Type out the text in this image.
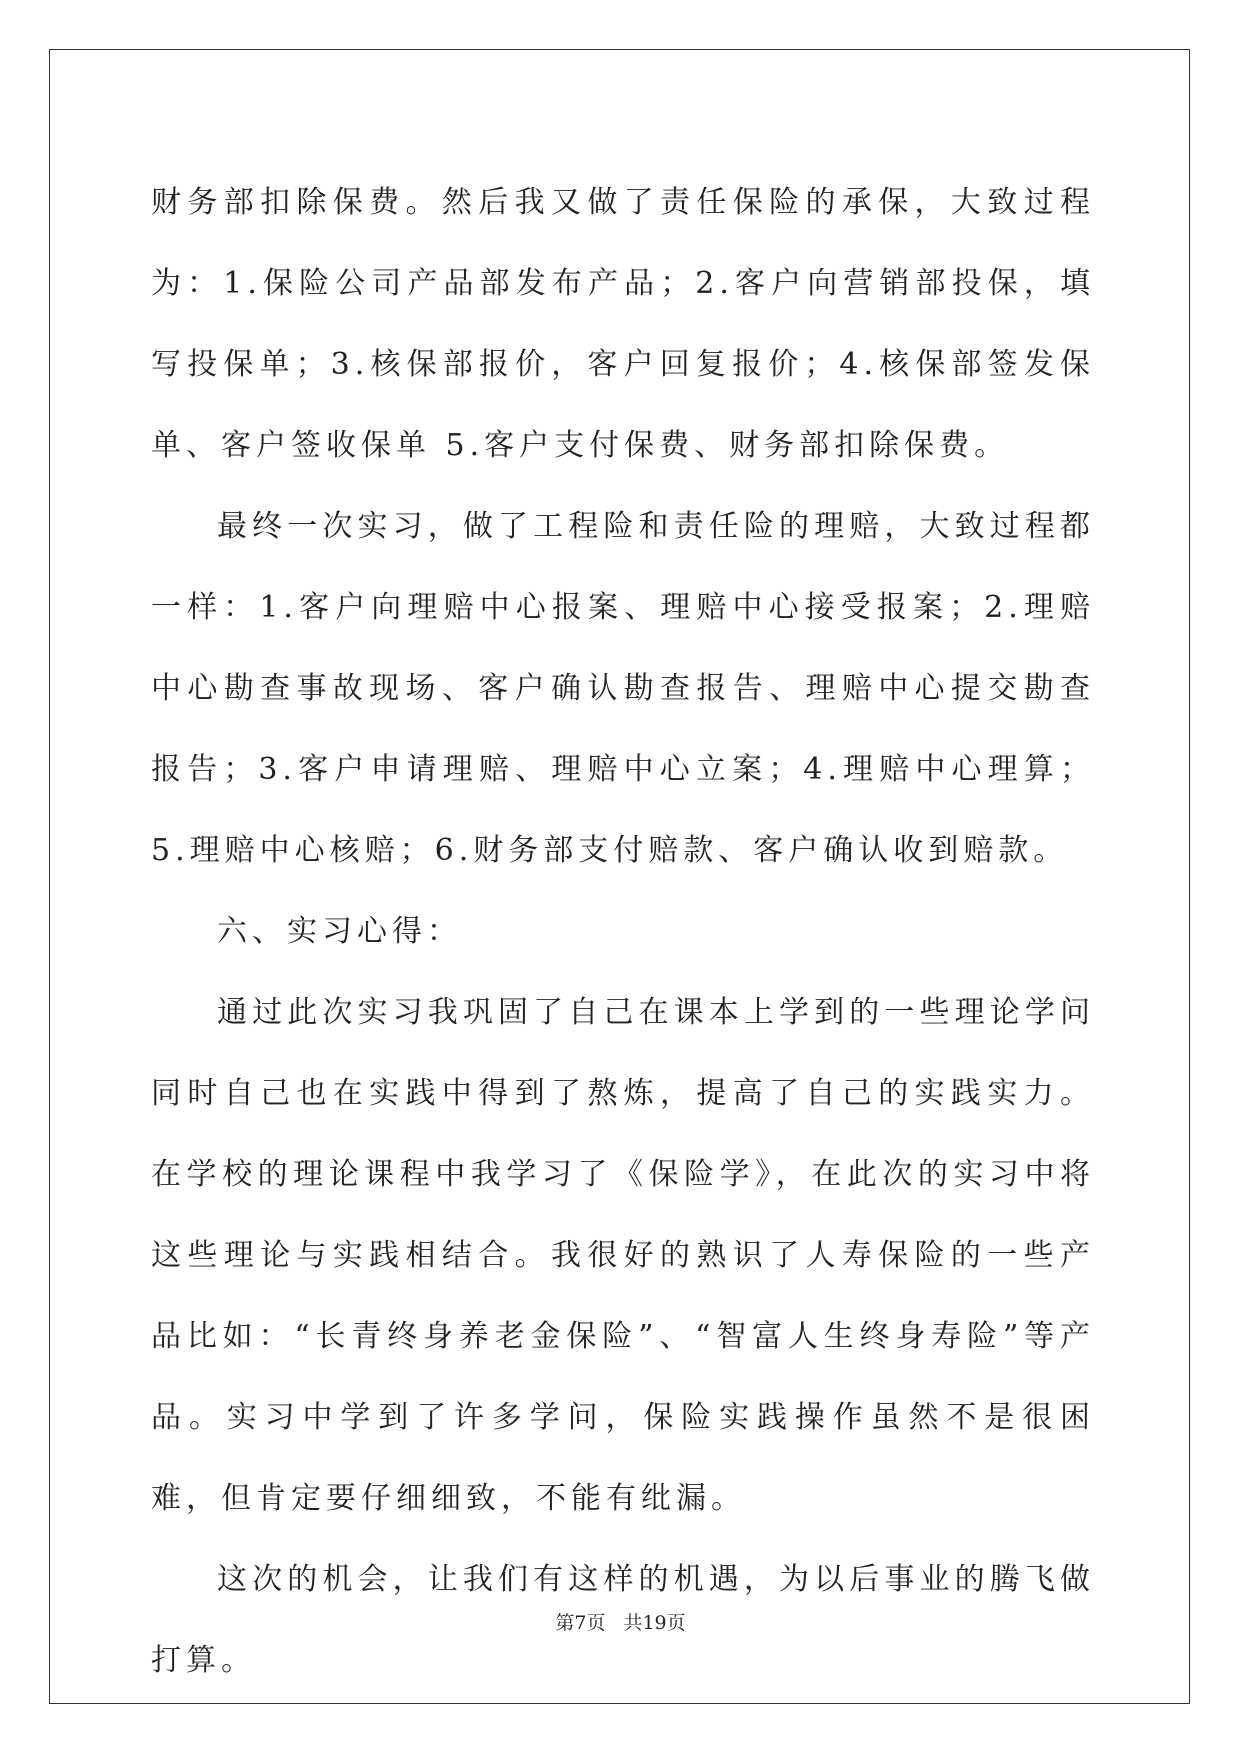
财务部扣除保费。然后我又做了责任保险的承保，大致过程为：1.保险公司产品部发布产品；2.客户向营销部投保，填写投保单；3.核保部报价，客户回复报价；4.核保部签发保单、客户签收保单 5.客户支付保费、财务部扣除保费。

最终一次实习，做了工程险和责任险的理赔，大致过程都一样：1.客户向理赔中心报案、理赔中心接受报案；2.理赔中心勘查事故现场、客户确认勘查报告、理赔中心提交勘查报告；3.客户申请理赔、理赔中心立案；4.理赔中心理算；5.理赔中心核赔；6.财务部支付赔款、客户确认收到赔款。

六、实习心得：

通过此次实习我巩固了自己在课本上学到的一些理论学问同时自己也在实践中得到了熬炼，提高了自己的实践实力。在学校的理论课程中我学习了《保险学》，在此次的实习中将这些理论与实践相结合。我很好的熟识了人寿保险的一些产品比如：“长青终身养老金保险”、“智富人生终身寿险”等产品。实习中学到了许多学问，保险实践操作虽然不是很困难，但肯定要仔细细致，不能有纰漏。

这次的机会，让我们有这样的机遇，为以后事业的腾飞做打算。

第7页 共19页
